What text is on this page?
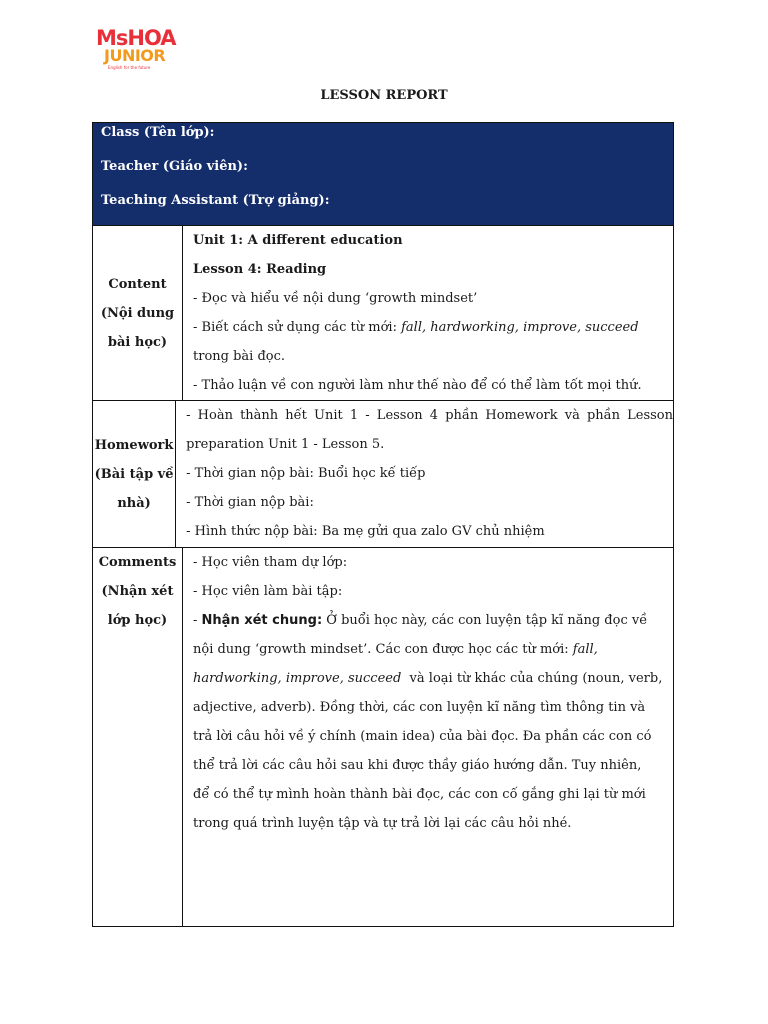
MsHOA
JUNIOR
English for the future
LESSON REPORT
Class (Tên lớp):
Teacher (Giáo viên):
Teaching Assistant (Trợ giảng):
Content
(Nội dung
bài học)
Unit 1: A different education
Lesson 4: Reading
- Đọc và hiểu về nội dung ‘growth mindset’
- Biết cách sử dụng các từ mới: fall, hardworking, improve, succeed
trong bài đọc.
- Thảo luận về con người làm như thế nào để có thể làm tốt mọi thứ.
Homework
(Bài tập về
nhà)
- Hoàn thành hết Unit 1 - Lesson 4 phần Homework và phần Lesson
preparation Unit 1 - Lesson 5.
- Thời gian nộp bài: Buổi học kế tiếp
- Thời gian nộp bài:
- Hình thức nộp bài: Ba mẹ gửi qua zalo GV chủ nhiệm
Comments
(Nhận xét
lớp học)
- Học viên tham dự lớp:
- Học viên làm bài tập:
- Nhận xét chung: Ở buổi học này, các con luyện tập kĩ năng đọc về
nội dung ‘growth mindset’. Các con được học các từ mới: fall,
hardworking, improve, succeed  và loại từ khác của chúng (noun, verb,
adjective, adverb). Đồng thời, các con luyện kĩ năng tìm thông tin và
trả lời câu hỏi về ý chính (main idea) của bài đọc. Đa phần các con có
thể trả lời các câu hỏi sau khi được thầy giáo hướng dẫn. Tuy nhiên,
để có thể tự mình hoàn thành bài đọc, các con cố gắng ghi lại từ mới
trong quá trình luyện tập và tự trả lời lại các câu hỏi nhé.
